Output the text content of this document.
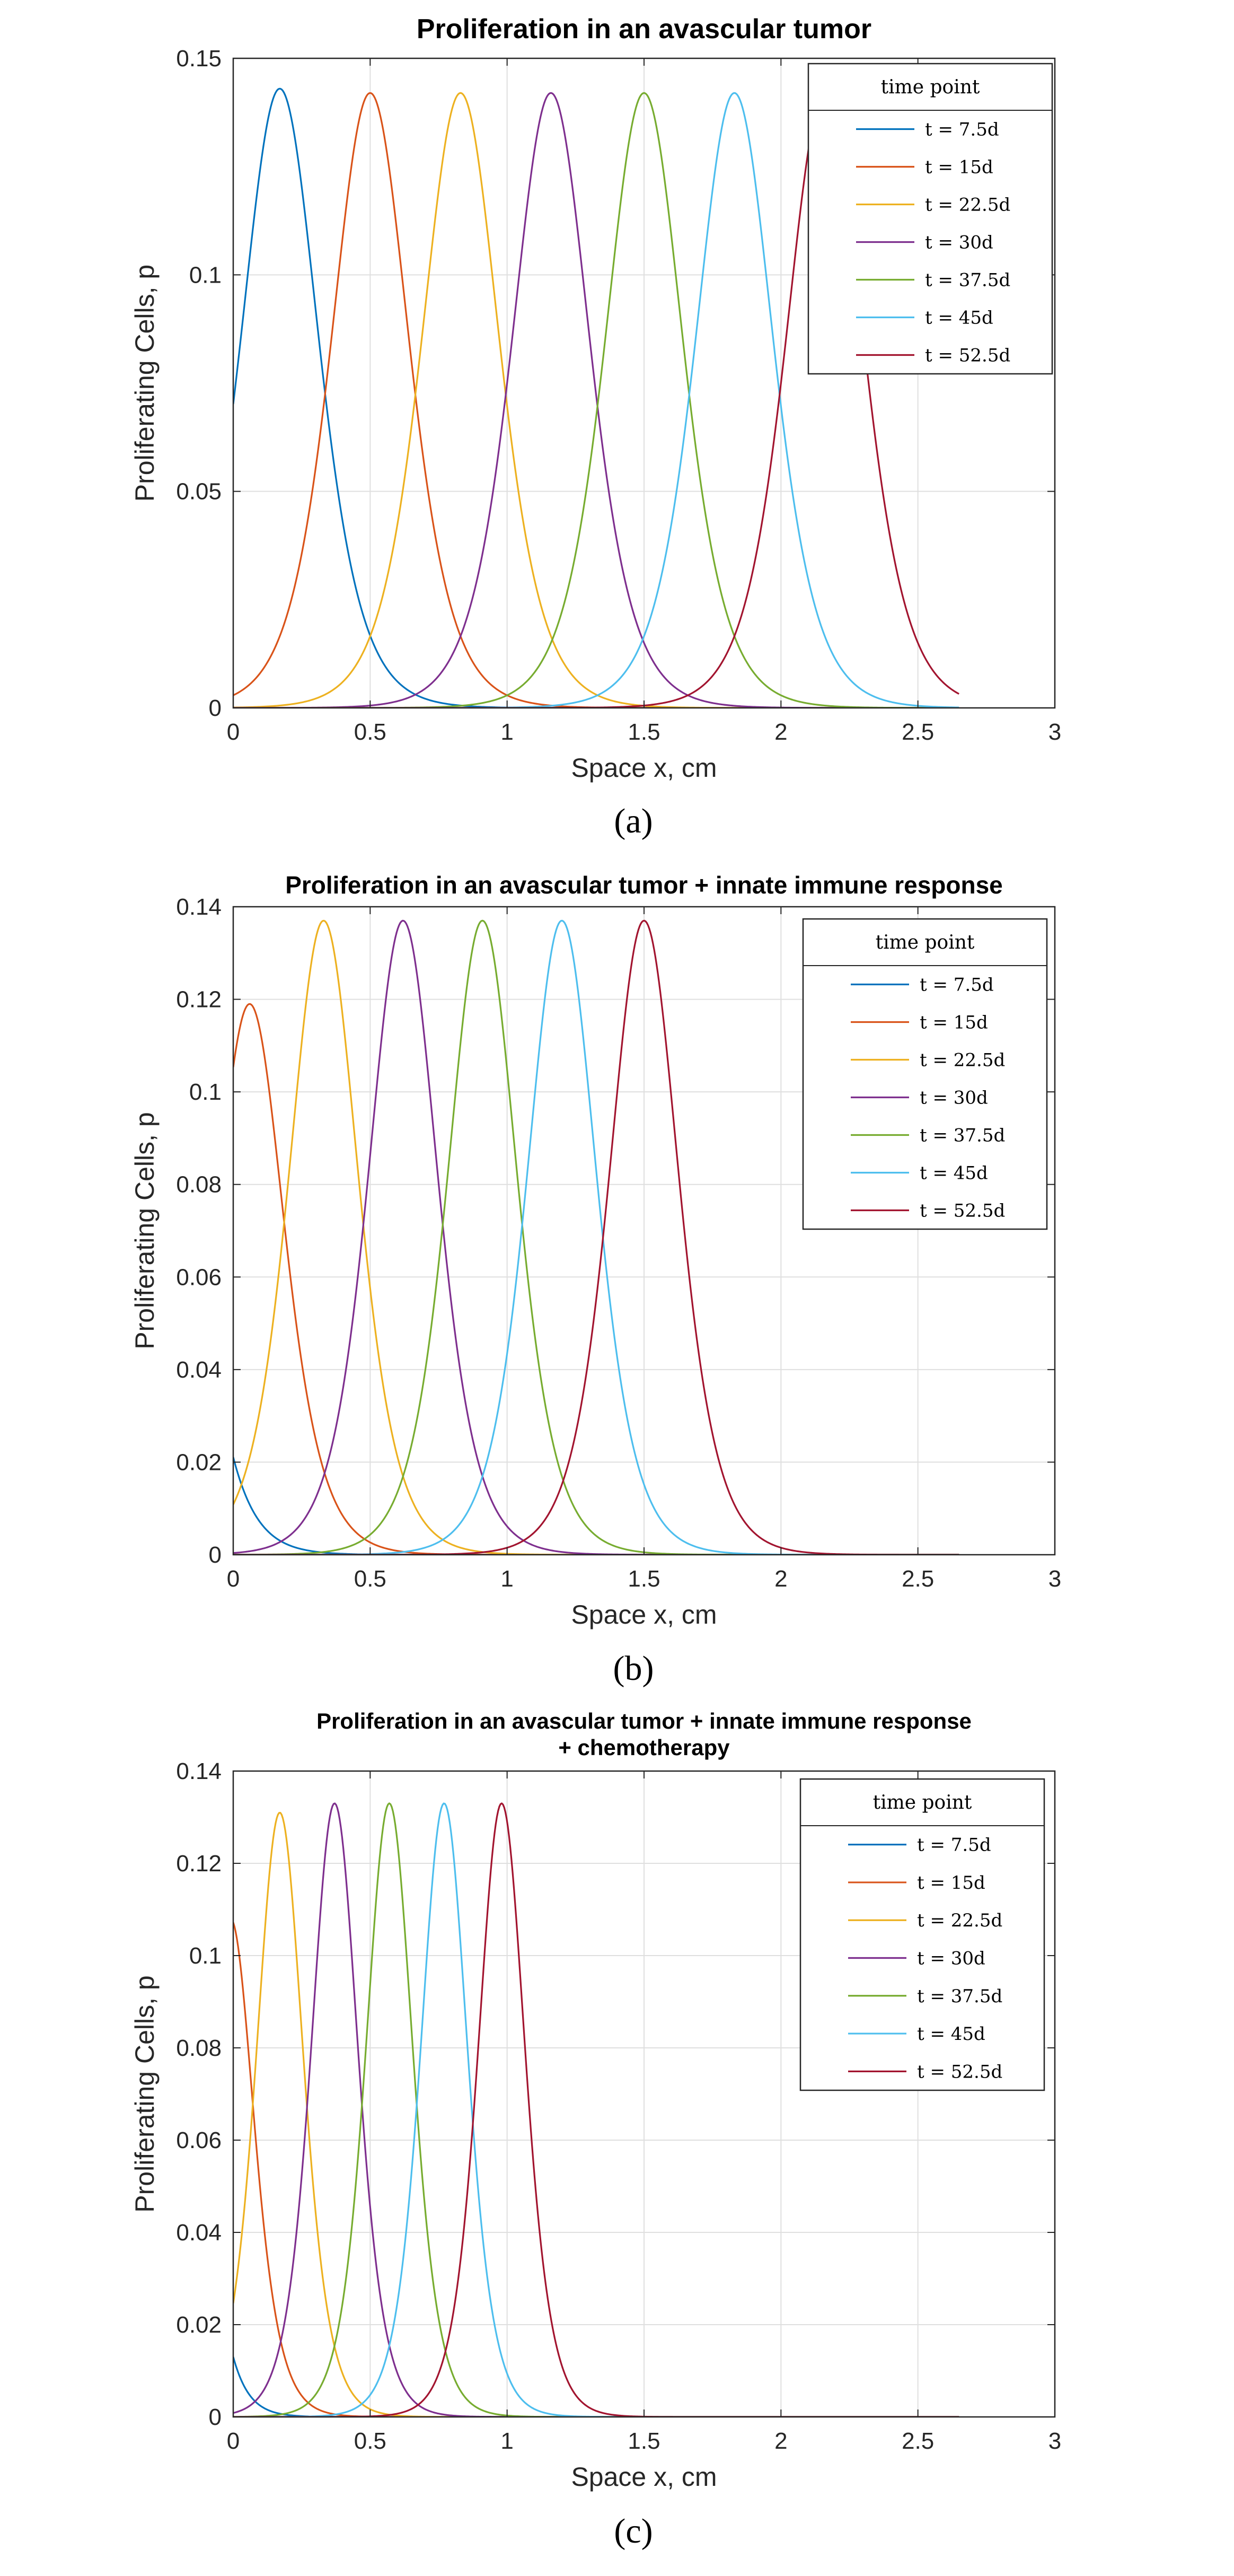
0	0.5	1	1.5	2	2.5	3
0
0.05
0.1
0.15
Space x, cm
Proliferating Cells, p
Proliferation in an avascular tumor
time point
t = 7.5d
t = 15d
t = 22.5d
t = 30d
t = 37.5d
t = 45d
t = 52.5d
(a)
0	0.5	1	1.5	2	2.5	3
0
0.02
0.04
0.06
0.08
0.1
0.12
0.14
Space x, cm
Proliferating Cells, p
Proliferation in an avascular tumor + innate immune response
time point
t = 7.5d
t = 15d
t = 22.5d
t = 30d
t = 37.5d
t = 45d
t = 52.5d
(b)
0	0.5	1	1.5	2	2.5	3
0
0.02
0.04
0.06
0.08
0.1
0.12
0.14
Space x, cm
Proliferating Cells, p
Proliferation in an avascular tumor + innate immune response
+ chemotherapy
time point
t = 7.5d
t = 15d
t = 22.5d
t = 30d
t = 37.5d
t = 45d
t = 52.5d
(c)
